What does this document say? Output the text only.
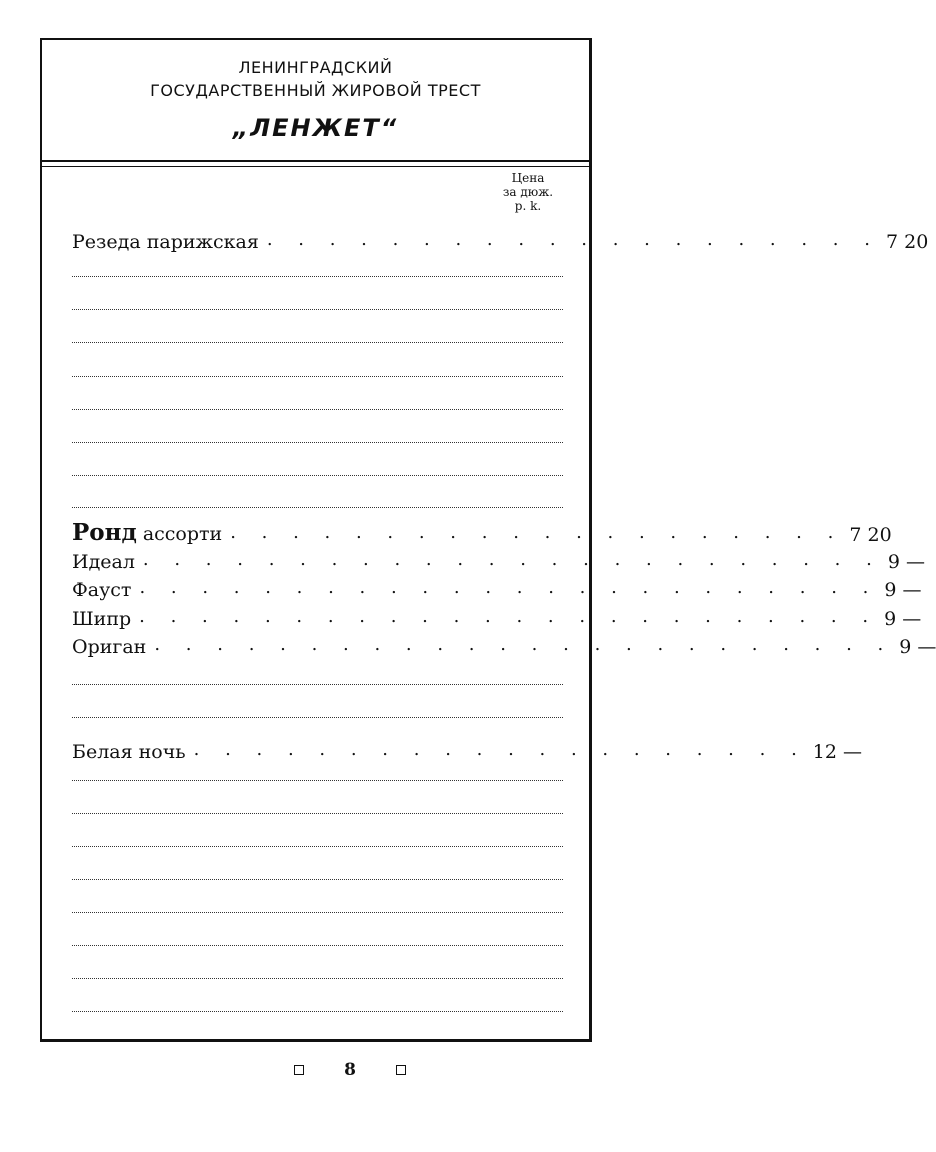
ЛЕНИНГРАДСКИЙ
ГОСУДАРСТВЕННЫЙ ЖИРОВОЙ ТРЕСТ
„ЛЕНЖЕТ“
Цена
за дюж.
р. k.
Резеда парижская . . . . . . . . . . . . . . . . . . . . 7 20
Ронд ассорти . . . . . . . . . . . . . . . . . . . . 7 20
Идеал . . . . . . . . . . . . . . . . . . . . . . . . 9 —
Фауст . . . . . . . . . . . . . . . . . . . . . . . . 9 —
Шипр . . . . . . . . . . . . . . . . . . . . . . . . 9 —
Ориган . . . . . . . . . . . . . . . . . . . . . . . . 9 —
Белая ночь . . . . . . . . . . . . . . . . . . . . 12 —
8
